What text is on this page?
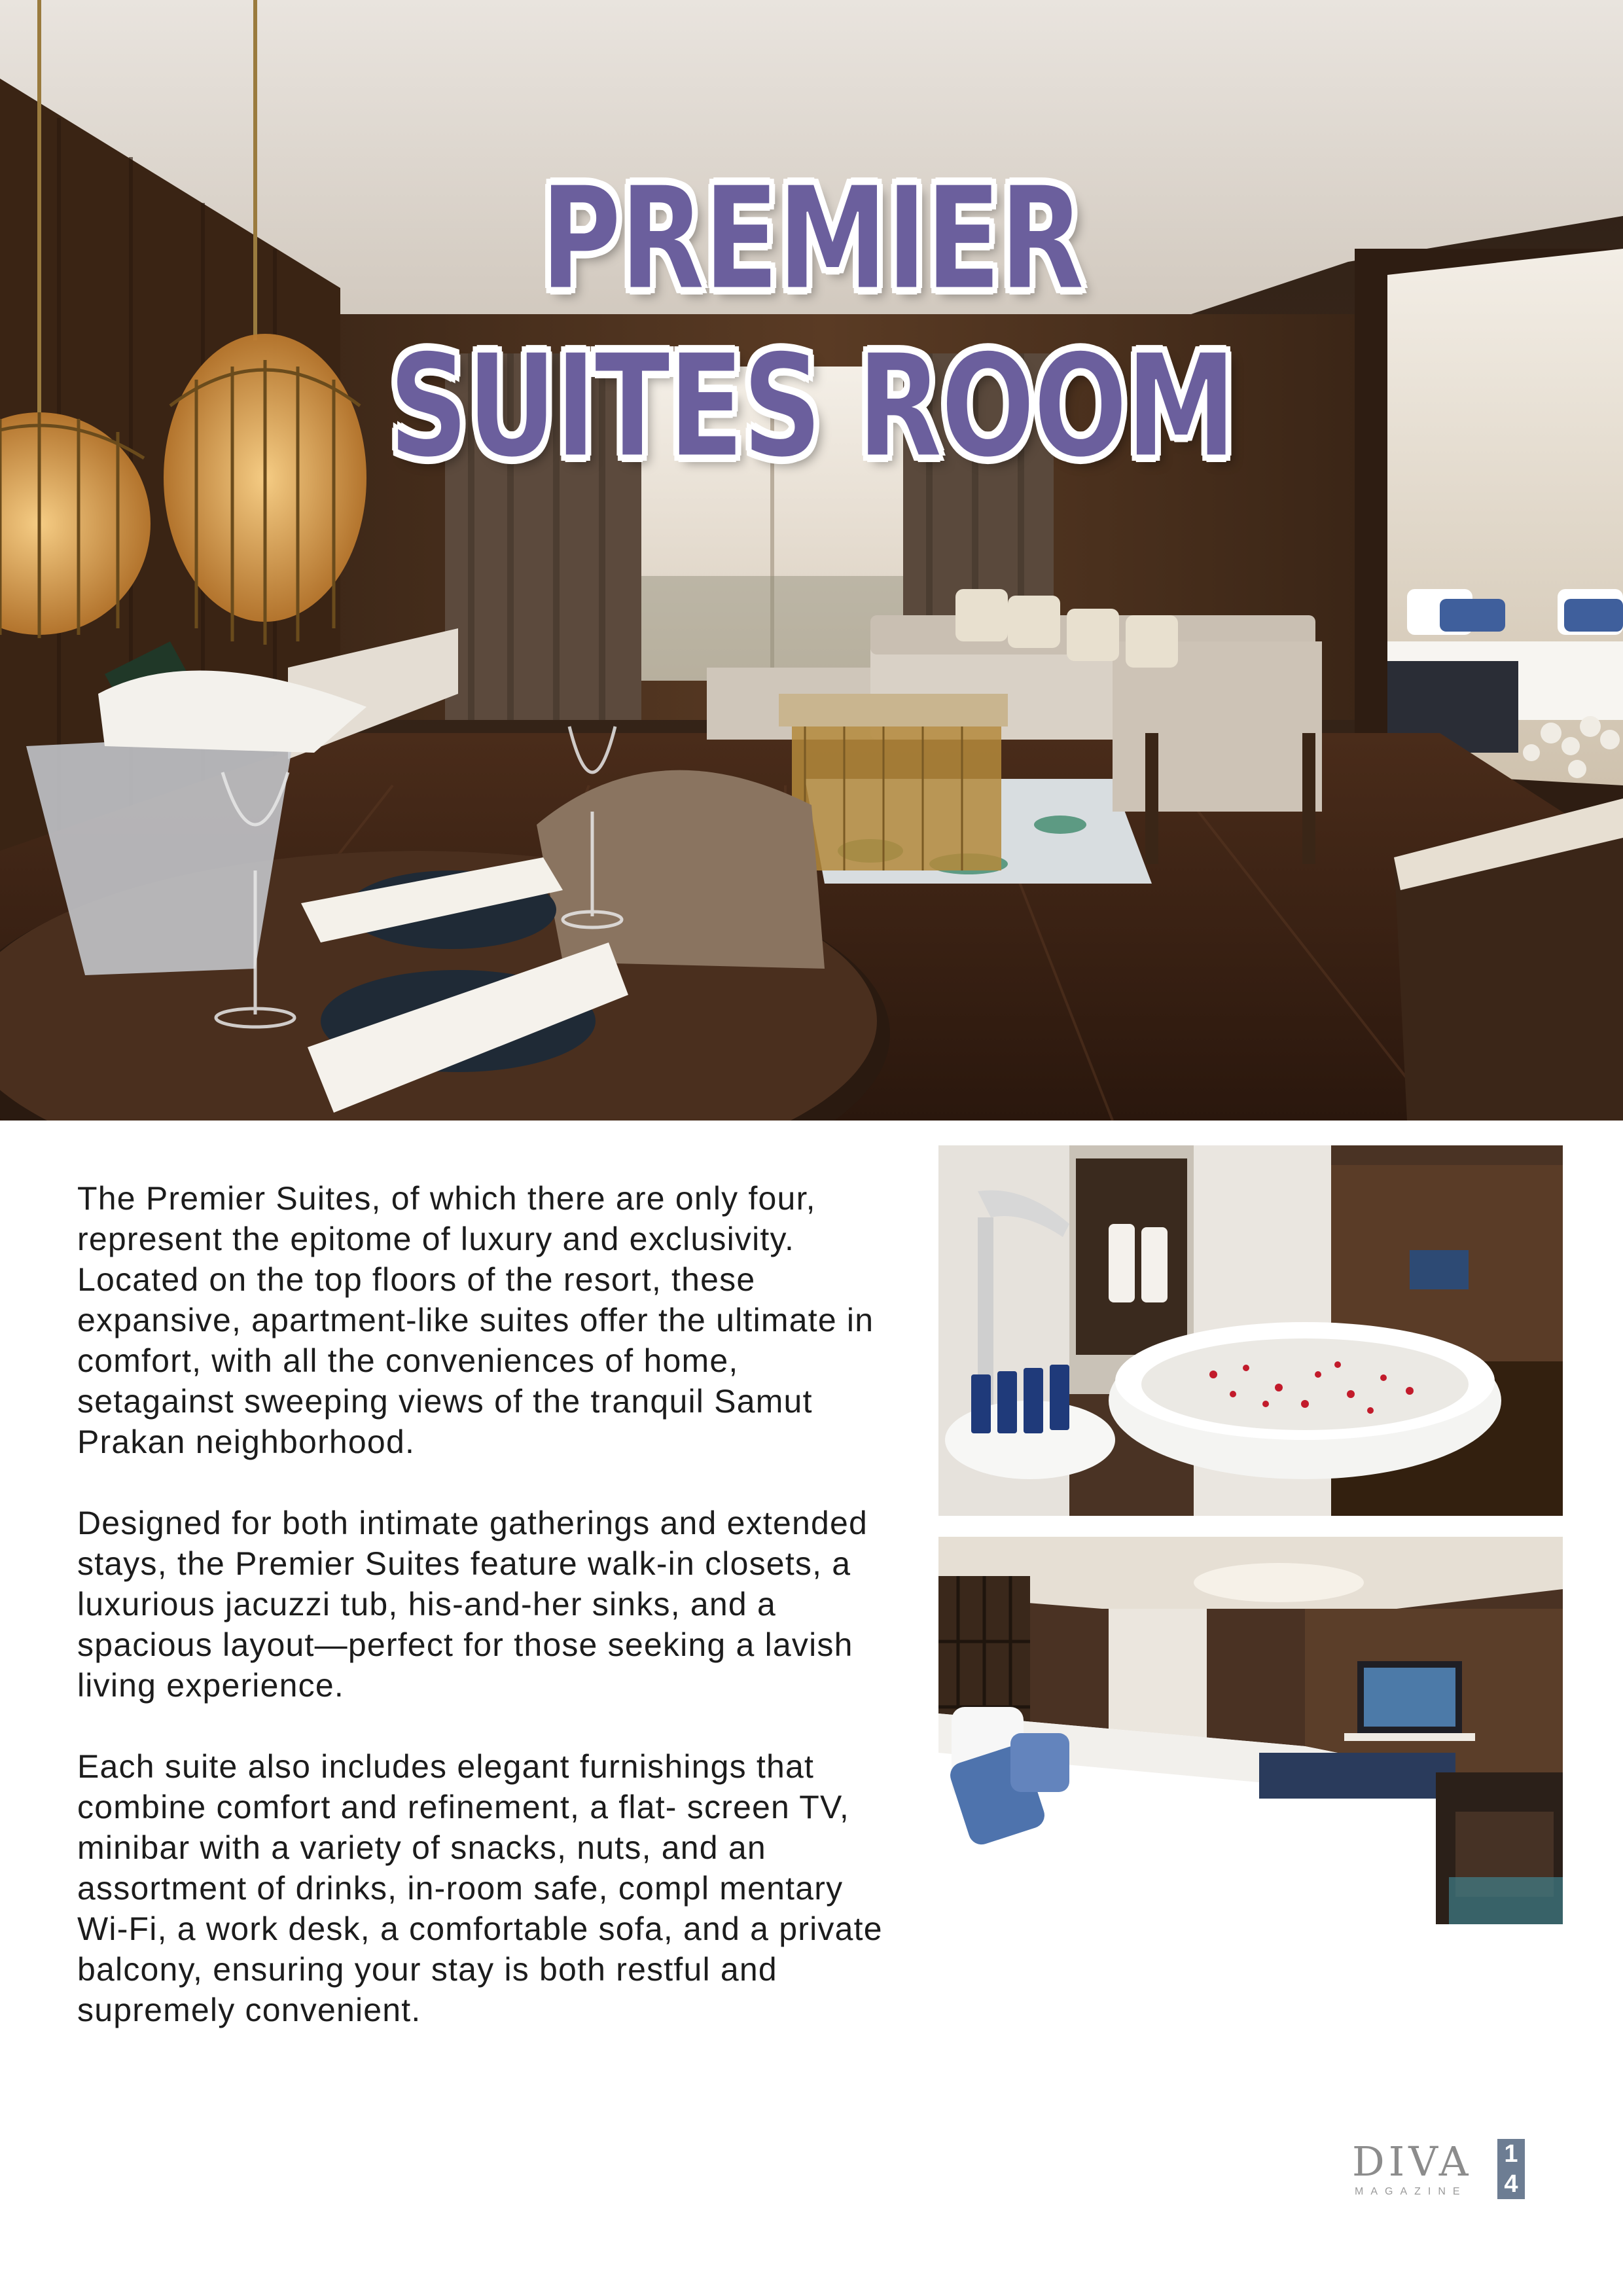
PREMIER
SUITES ROOM

The Premier Suites, of which there are only four, represent the epitome of luxury and exclusivity. Located on the top floors of the resort, these expansive, apartment-like suites offer the ultimate in comfort, with all the conveniences of home, setagainst sweeping views of the tranquil Samut Prakan neighborhood.

Designed for both intimate gatherings and extended stays, the Premier Suites feature walk-in closets, a luxurious jacuzzi tub, his-and-her sinks, and a spacious layout—perfect for those seeking a lavish living experience.

Each suite also includes elegant furnishings that combine comfort and refinement, a flat- screen TV, minibar with a variety of snacks, nuts, and an assortment of drinks, in-room safe, compl mentary Wi-Fi, a work desk, a comfortable sofa, and a private balcony, ensuring your stay is both restful and supremely convenient.

DIVA
MAGAZINE
1
4
